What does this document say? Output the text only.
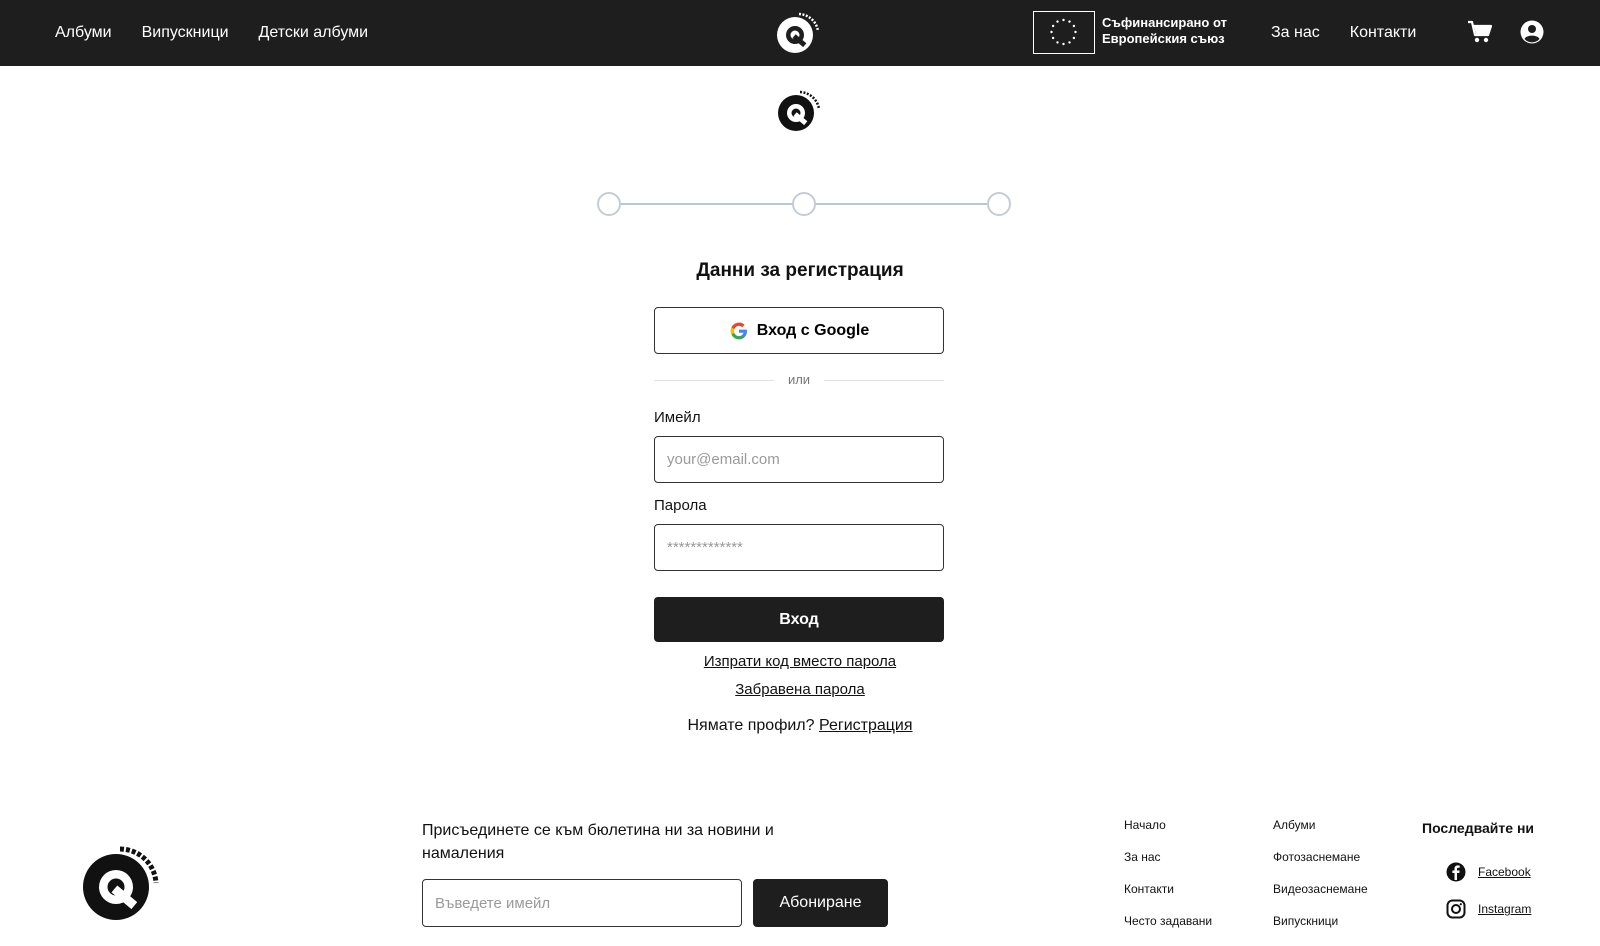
Албуми Випускници Детски албуми
Съфинансирано от
Европейския съюз	За нас Контакти
Данни за регистрация
Вход с Google
или
Имейл
your@email.com
Парола
*************
Вход
Изпрати код вместо парола
Забравена парола
Нямате профил? Регистрация
Присъединете се към бюлетина ни за новини и намаления
Въведете имейл
Абониране
Начало
За нас
Контакти
Често задавани
Албуми
Фотозаснемане
Видеозаснемане
Випускници
Последвайте ни
Facebook
Instagram
